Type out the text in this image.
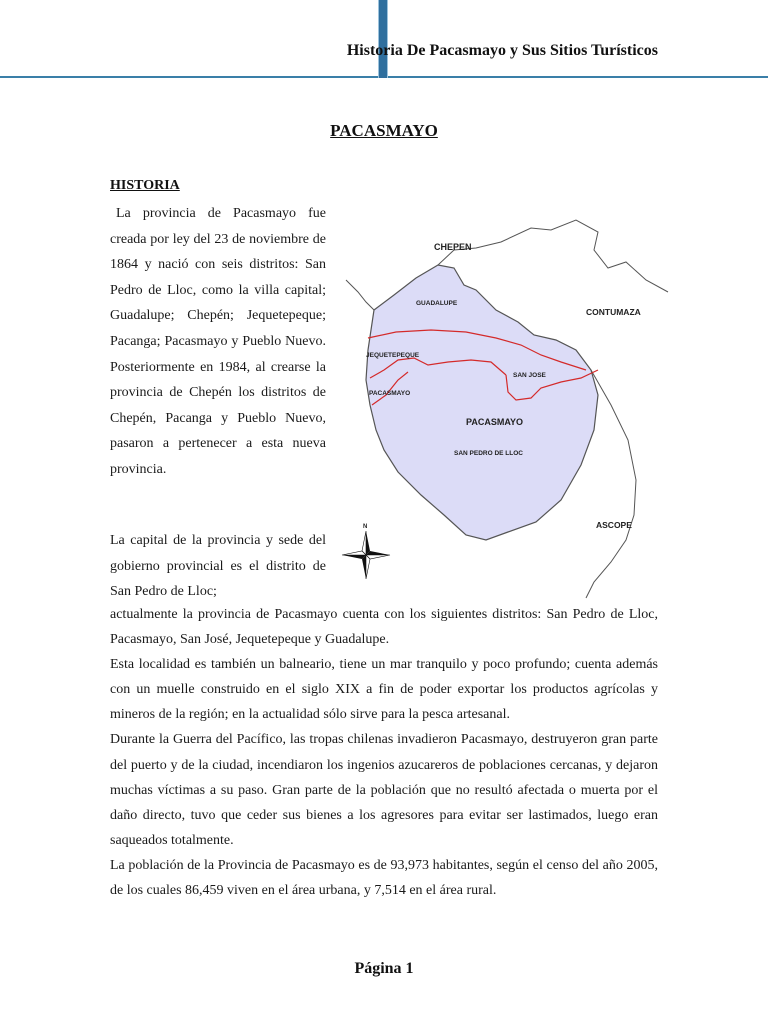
Historia De Pacasmayo y Sus Sitios Turísticos
PACASMAYO
HISTORIA
La provincia de Pacasmayo fue creada por ley del 23 de noviembre de 1864 y nació con seis distritos: San Pedro de Lloc, como la villa capital; Guadalupe; Chepén; Jequetepeque; Pacanga; Pacasmayo y Pueblo Nuevo. Posteriormente en 1984, al crearse la provincia de Chepén los distritos de Chepén, Pacanga y Pueblo Nuevo, pasaron a pertenecer a esta nueva provincia.
La capital de la provincia y sede del gobierno provincial es el distrito de San Pedro de Lloc;

actualmente la provincia de Pacasmayo cuenta con los siguientes distritos: San Pedro de Lloc, Pacasmayo, San José, Jequetepeque y Guadalupe.

Esta localidad es también un balneario, tiene un mar tranquilo y poco profundo; cuenta además con un muelle construido en el siglo XIX a fin de poder exportar los productos agrícolas y mineros de la región; en la actualidad sólo sirve para la pesca artesanal.

Durante la Guerra del Pacífico, las tropas chilenas invadieron Pacasmayo, destruyeron gran parte del puerto y de la ciudad, incendiaron los ingenios azucareros de poblaciones cercanas, y dejaron muchas víctimas a su paso. Gran parte de la población que no resultó afectada o muerta por el daño directo, tuvo que ceder sus bienes a los agresores para evitar ser lastimados, luego eran saqueados totalmente.

La población de la Provincia de Pacasmayo es de 93,973 habitantes, según el censo del año 2005, de los cuales 86,459 viven en el área urbana, y 7,514 en el área rural.

CHEPEN
GUADALUPE
CONTUMAZA
JEQUETEPEQUE
SAN JOSE
PACASMAYO
PACASMAYO
SAN PEDRO DE LLOC
ASCOPE
N
Página 1
